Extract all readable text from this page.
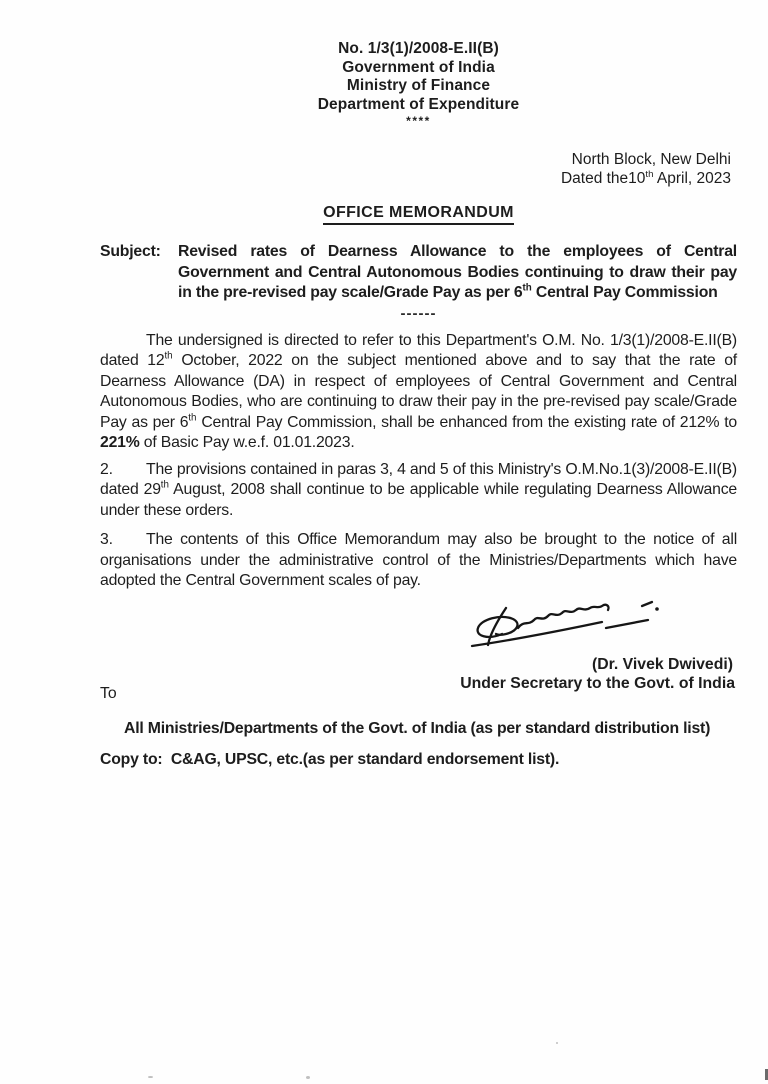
No. 1/3(1)/2008-E.II(B)
Government of India
Ministry of Finance
Department of Expenditure
****
North Block, New Delhi
Dated the10th April, 2023
OFFICE MEMORANDUM
Subject:	Revised rates of Dearness Allowance to the employees of Central Government and Central Autonomous Bodies continuing to draw their pay in the pre-revised pay scale/Grade Pay as per 6th Central Pay Commission
------

The undersigned is directed to refer to this Department's O.M. No. 1/3(1)/2008-E.II(B) dated 12th October, 2022 on the subject mentioned above and to say that the rate of Dearness Allowance (DA) in respect of employees of Central Government and Central Autonomous Bodies, who are continuing to draw their pay in the pre-revised pay scale/Grade Pay as per 6th Central Pay Commission, shall be enhanced from the existing rate of 212% to 221% of Basic Pay w.e.f. 01.01.2023.

2. The provisions contained in paras 3, 4 and 5 of this Ministry's O.M.No.1(3)/2008-E.II(B) dated 29th August, 2008 shall continue to be applicable while regulating Dearness Allowance under these orders.

3. The contents of this Office Memorandum may also be brought to the notice of all organisations under the administrative control of the Ministries/Departments which have adopted the Central Government scales of pay.

(Dr. Vivek Dwivedi)
Under Secretary to the Govt. of India
To
All Ministries/Departments of the Govt. of India (as per standard distribution list)
Copy to:  C&AG, UPSC, etc.(as per standard endorsement list).
